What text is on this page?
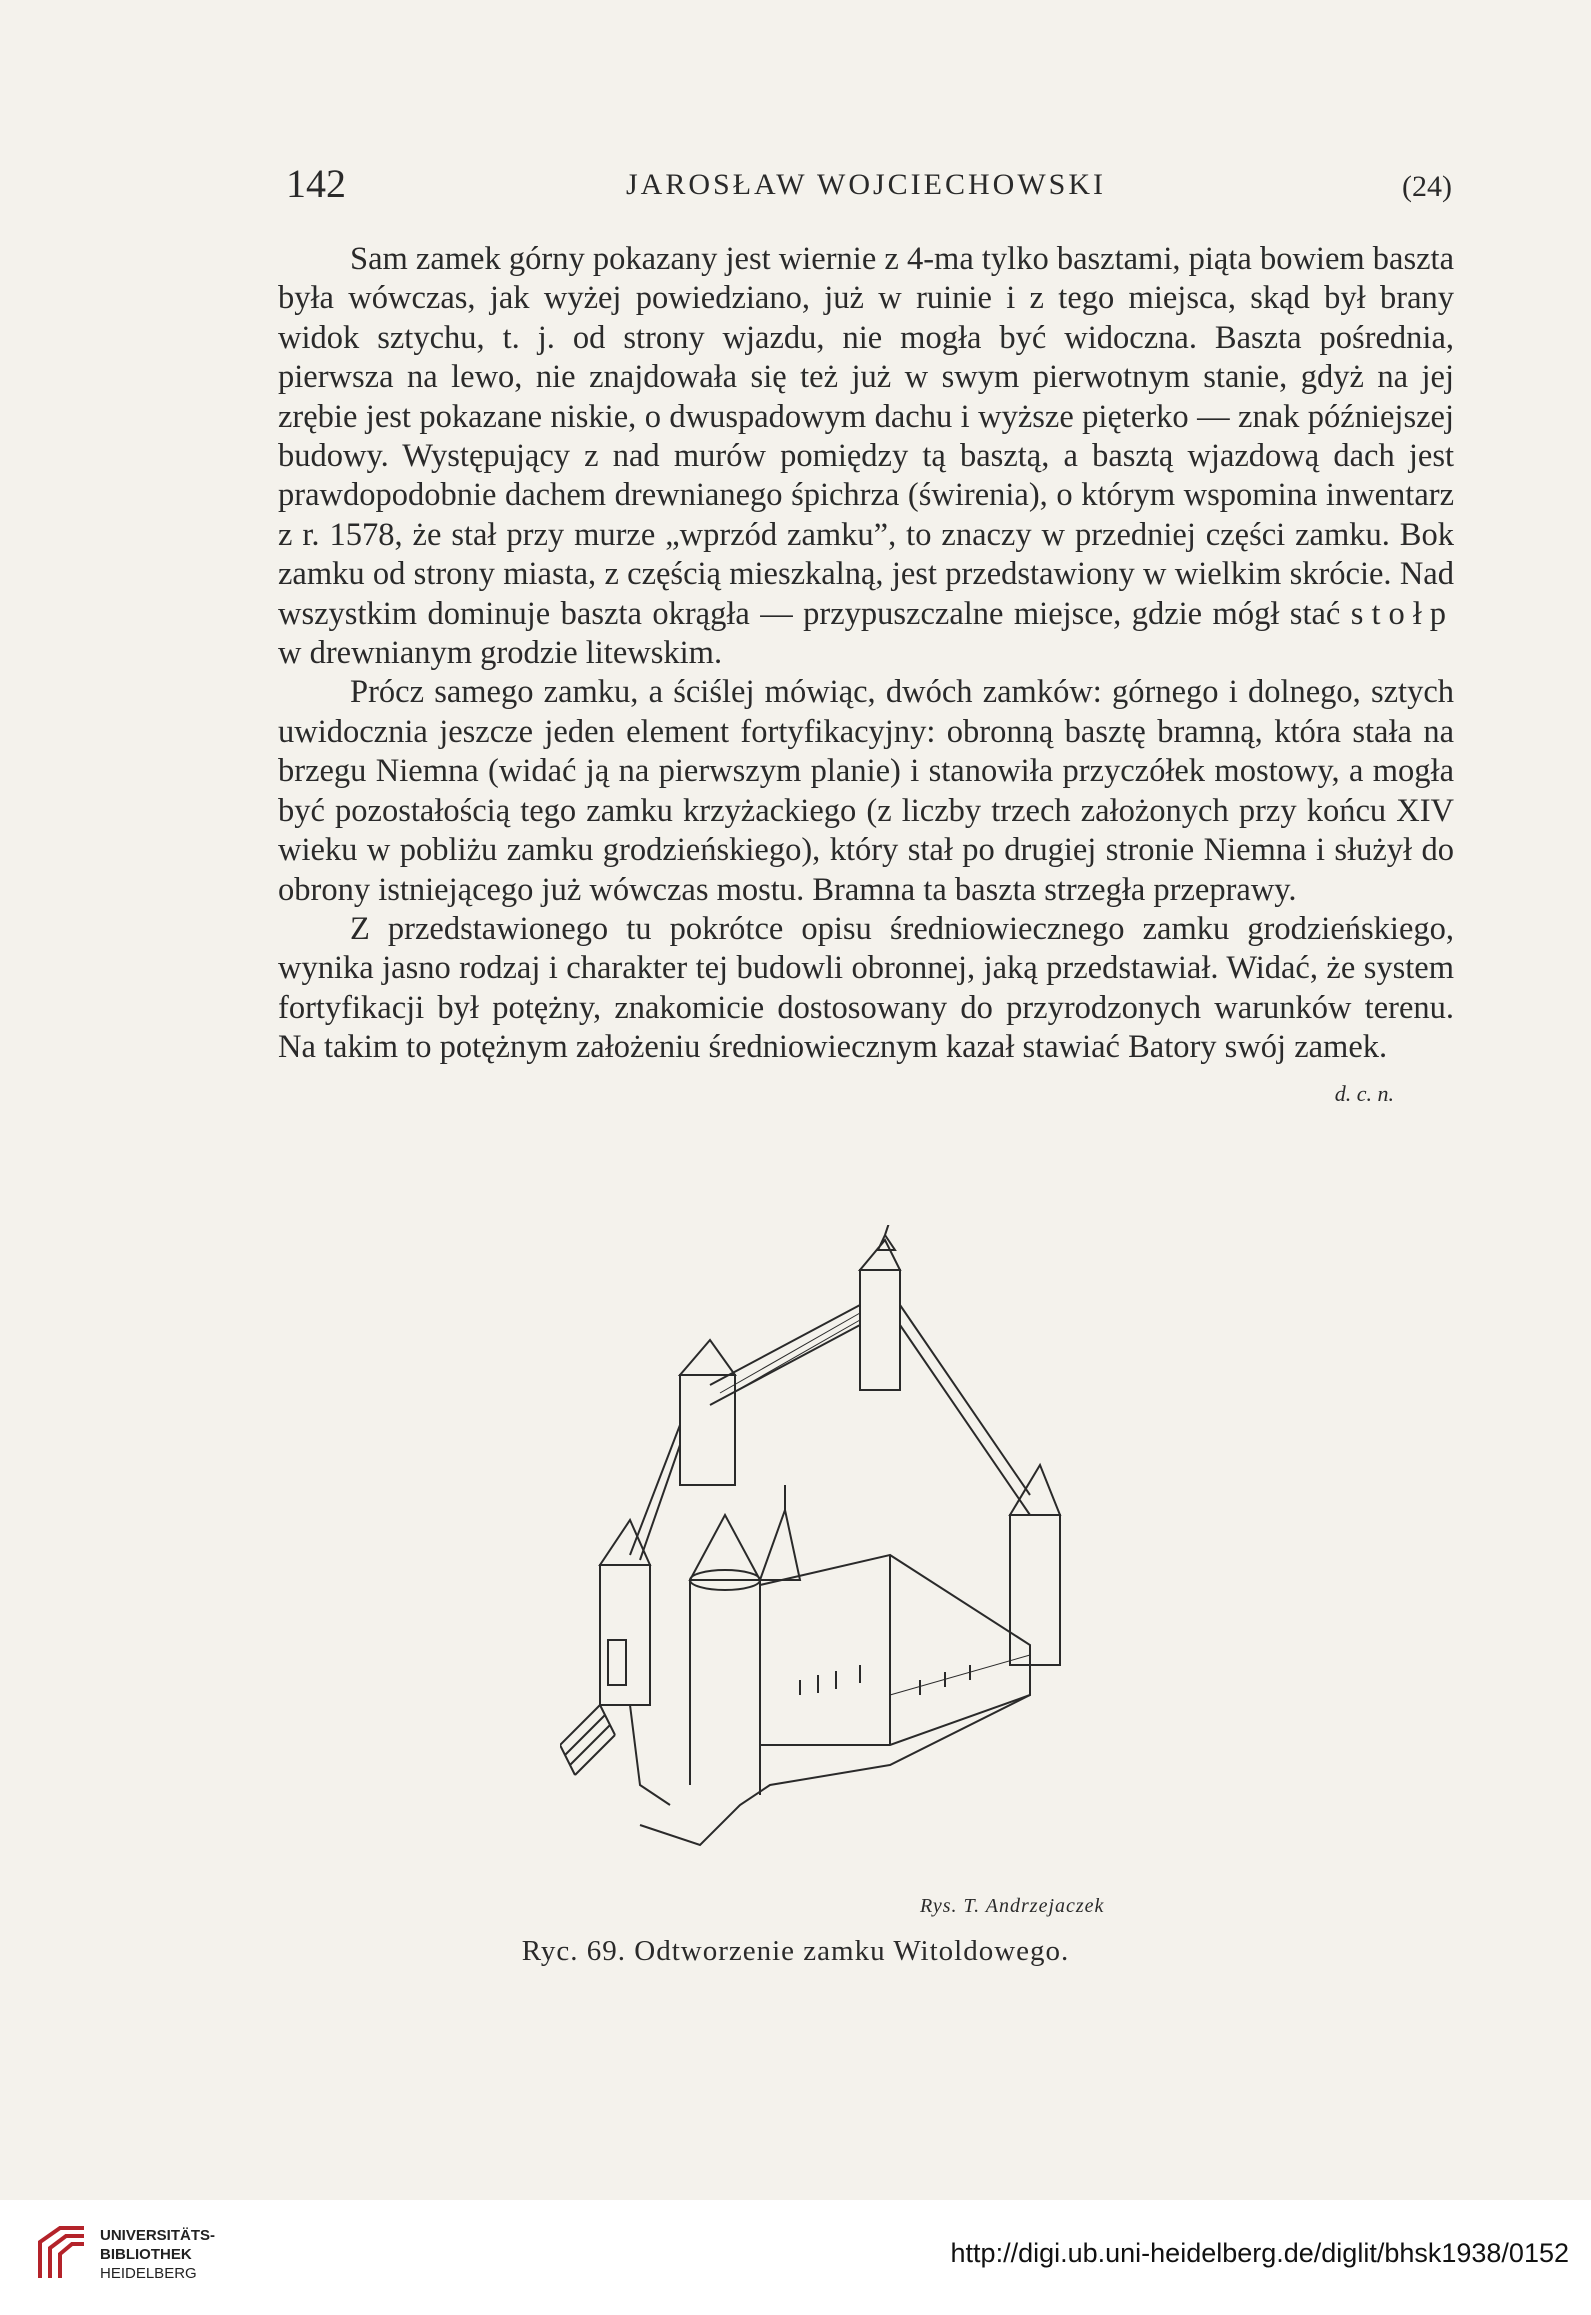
142	JAROSŁAW WOJCIECHOWSKI	(24)

Sam zamek górny pokazany jest wiernie z 4-ma tylko basztami, piąta bowiem baszta była wówczas, jak wyżej powiedziano, już w ruinie i z tego miejsca, skąd był brany widok sztychu, t. j. od strony wjazdu, nie mogła być widoczna. Baszta pośrednia, pierwsza na lewo, nie znajdowała się też już w swym pierwotnym stanie, gdyż na jej zrębie jest pokazane niskie, o dwuspadowym dachu i wyższe pięterko — znak późniejszej budowy. Występujący z nad murów pomiędzy tą basztą, a basztą wjazdową dach jest prawdopodobnie dachem drewnianego śpichrza (świrenia), o którym wspomina inwentarz z r. 1578, że stał przy murze „wprzód zamku”, to znaczy w przedniej części zamku. Bok zamku od strony miasta, z częścią mieszkalną, jest przedstawiony w wielkim skrócie. Nad wszystkim dominuje baszta okrągła — przypuszczalne miejsce, gdzie mógł stać stołp w drewnianym grodzie litewskim.

Prócz samego zamku, a ściślej mówiąc, dwóch zamków: górnego i dolnego, sztych uwidocznia jeszcze jeden element fortyfikacyjny: obronną basztę bramną, która stała na brzegu Niemna (widać ją na pierwszym planie) i stanowiła przyczółek mostowy, a mogła być pozostałością tego zamku krzyżackiego (z liczby trzech założonych przy końcu XIV wieku w pobliżu zamku grodzieńskiego), który stał po drugiej stronie Niemna i służył do obrony istniejącego już wówczas mostu. Bramna ta baszta strzegła przeprawy.

Z przedstawionego tu pokrótce opisu średniowiecznego zamku grodzieńskiego, wynika jasno rodzaj i charakter tej budowli obronnej, jaką przedstawiał. Widać, że system fortyfikacji był potężny, znakomicie dostosowany do przyrodzonych warunków terenu. Na takim to potężnym założeniu średniowiecznym kazał stawiać Batory swój zamek.
d. c. n.

Rys. T. Andrzejaczek
Ryc. 69. Odtworzenie zamku Witoldowego.
UNIVERSITÄTS-
BIBLIOTHEK
HEIDELBERG
http://digi.ub.uni-heidelberg.de/diglit/bhsk1938/0152
